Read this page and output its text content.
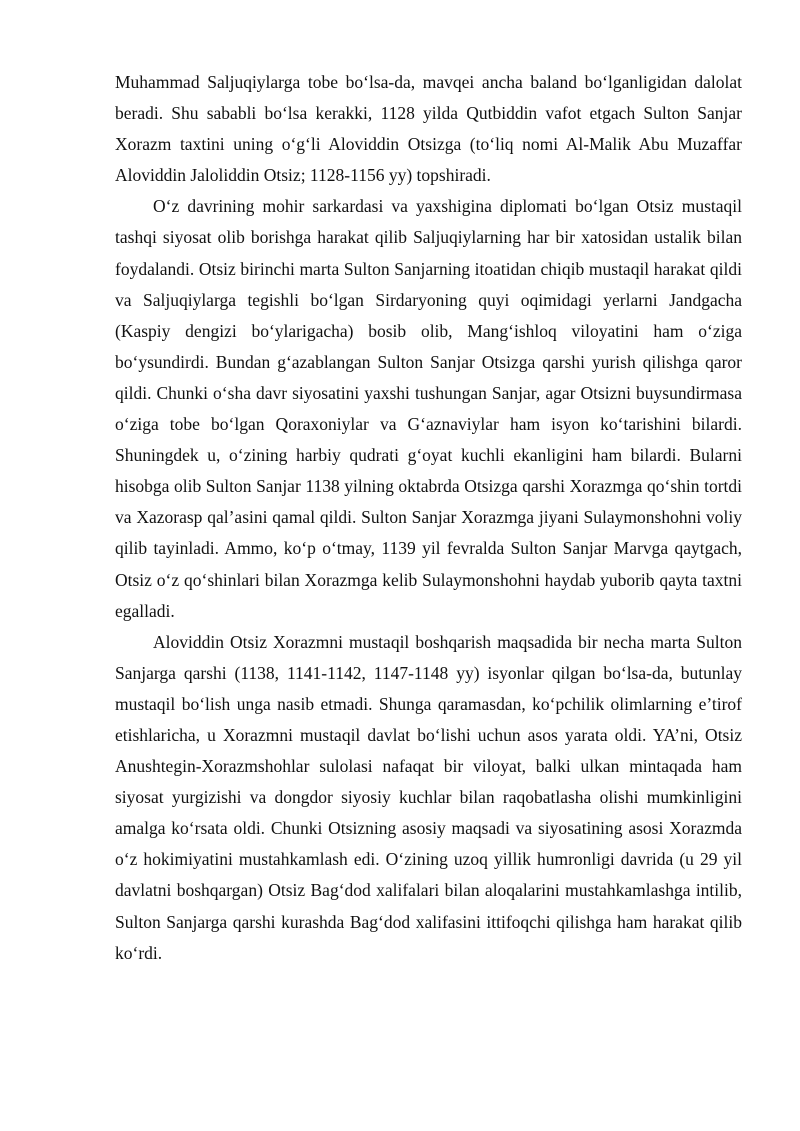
Muhammad Saljuqiylarga tobe bo‘lsa-da, mavqei ancha baland bo‘lganligidan dalolat beradi. Shu sababli bo‘lsa kerakki, 1128 yilda Qutbiddin vafot etgach Sulton Sanjar Xorazm taxtini uning o‘g‘li Aloviddin Otsizga (to‘liq nomi Al-Malik Abu Muzaffar Aloviddin Jaloliddin Otsiz; 1128-1156 yy) topshiradi.

O‘z davrining mohir sarkardasi va yaxshigina diplomati bo‘lgan Otsiz mustaqil tashqi siyosat olib borishga harakat qilib Saljuqiylarning har bir xatosidan ustalik bilan foydalandi. Otsiz birinchi marta Sulton Sanjarning itoatidan chiqib mustaqil harakat qildi va Saljuqiylarga tegishli bo‘lgan Sirdaryoning quyi oqimidagi yerlarni Jandgacha (Kaspiy dengizi bo‘ylarigacha) bosib olib, Mang‘ishloq viloyatini ham o‘ziga bo‘ysundirdi. Bundan g‘azablangan Sulton Sanjar Otsizga qarshi yurish qilishga qaror qildi. Chunki o‘sha davr siyosatini yaxshi tushungan Sanjar, agar Otsizni buysundirmasa o‘ziga tobe bo‘lgan Qoraxoniylar va G‘aznaviylar ham isyon ko‘tarishini bilardi. Shuningdek u, o‘zining harbiy qudrati g‘oyat kuchli ekanligini ham bilardi. Bularni hisobga olib Sulton Sanjar 1138 yilning oktabrda Otsizga qarshi Xorazmga qo‘shin tortdi va Xazorasp qal’asini qamal qildi. Sulton Sanjar Xorazmga jiyani Sulaymonshohni voliy qilib tayinladi. Ammo, ko‘p o‘tmay, 1139 yil fevralda Sulton Sanjar Marvga qaytgach, Otsiz o‘z qo‘shinlari bilan Xorazmga kelib Sulaymonshohni haydab yuborib qayta taxtni egalladi.

Aloviddin Otsiz Xorazmni mustaqil boshqarish maqsadida bir necha marta Sulton Sanjarga qarshi (1138, 1141-1142, 1147-1148 yy) isyonlar qilgan bo‘lsa-da, butunlay mustaqil bo‘lish unga nasib etmadi. Shunga qaramasdan, ko‘pchilik olimlarning e’tirof etishlaricha, u Xorazmni mustaqil davlat bo‘lishi uchun asos yarata oldi. YA’ni, Otsiz Anushtegin-Xorazmshohlar sulolasi nafaqat bir viloyat, balki ulkan mintaqada ham siyosat yurgizishi va dongdor siyosiy kuchlar bilan raqobatlasha olishi mumkinligini amalga ko‘rsata oldi. Chunki Otsizning asosiy maqsadi va siyosatining asosi Xorazmda o‘z hokimiyatini mustahkamlash edi. O‘zining uzoq yillik humronligi davrida (u 29 yil davlatni boshqargan) Otsiz Bag‘dod xalifalari bilan aloqalarini mustahkamlashga intilib, Sulton Sanjarga qarshi kurashda Bag‘dod xalifasini ittifoqchi qilishga ham harakat qilib ko‘rdi.
